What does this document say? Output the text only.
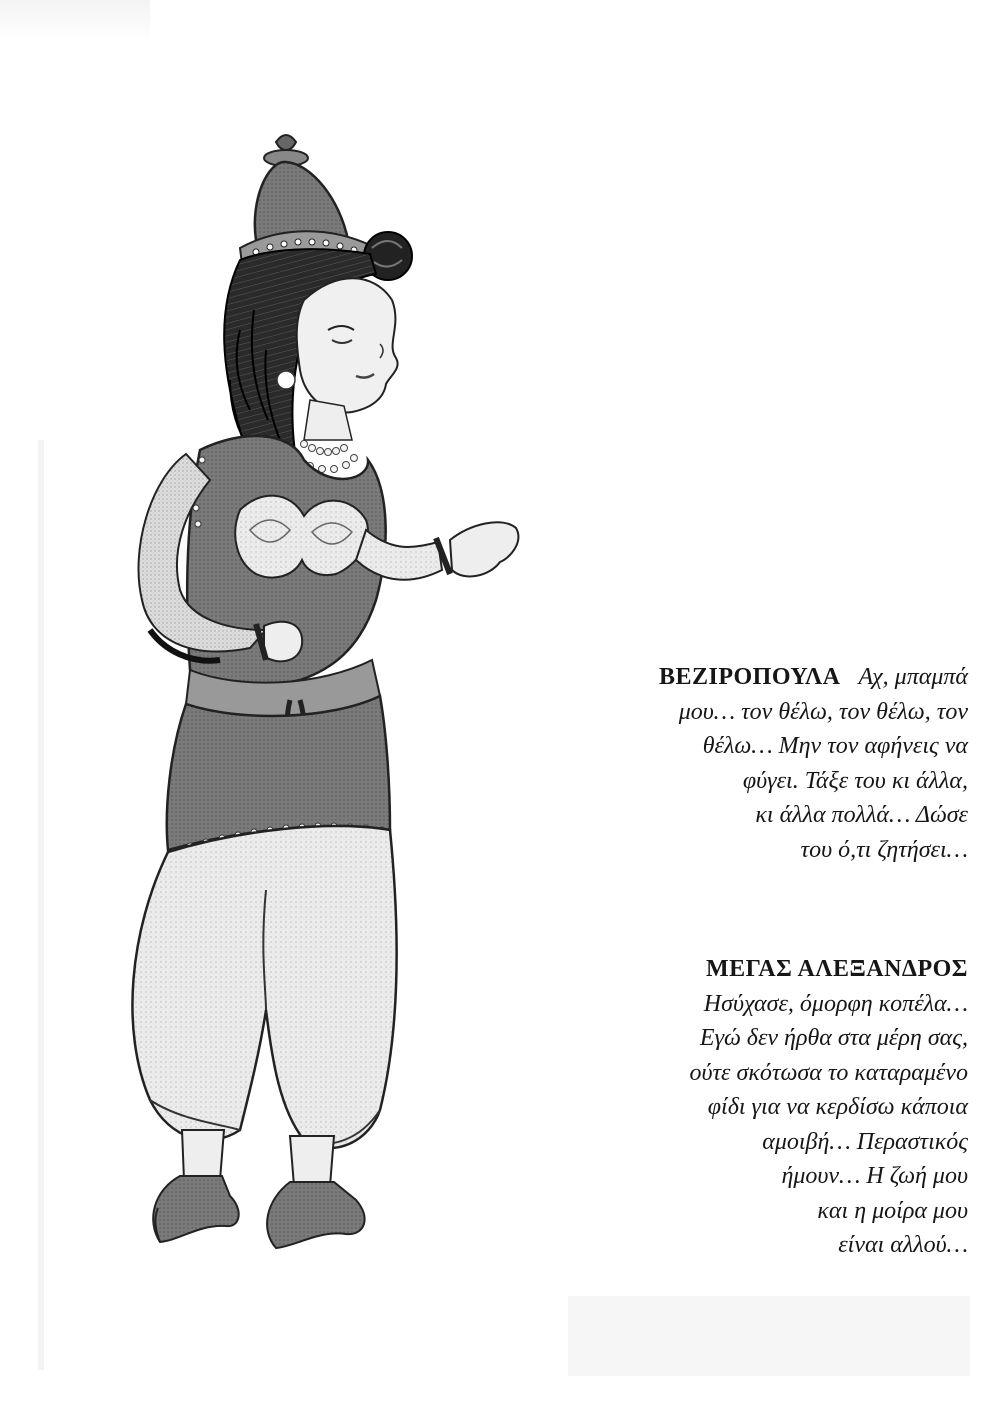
ΒΕΖΙΡΟΠΟΥΛΑ Αχ, μπαμπά
μου… τον θέλω, τον θέλω, τον
θέλω… Μην τον αφήνεις να
φύγει. Τάξε του κι άλλα,
κι άλλα πολλά… Δώσε
του ό,τι ζητήσει…
ΜΕΓΑΣ ΑΛΕΞΑΝΔΡΟΣ
Ησύχασε, όμορφη κοπέλα…
Εγώ δεν ήρθα στα μέρη σας,
ούτε σκότωσα το καταραμένο
φίδι για να κερδίσω κάποια
αμοιβή… Περαστικός
ήμουν… Η ζωή μου
και η μοίρα μου
είναι αλλού…
